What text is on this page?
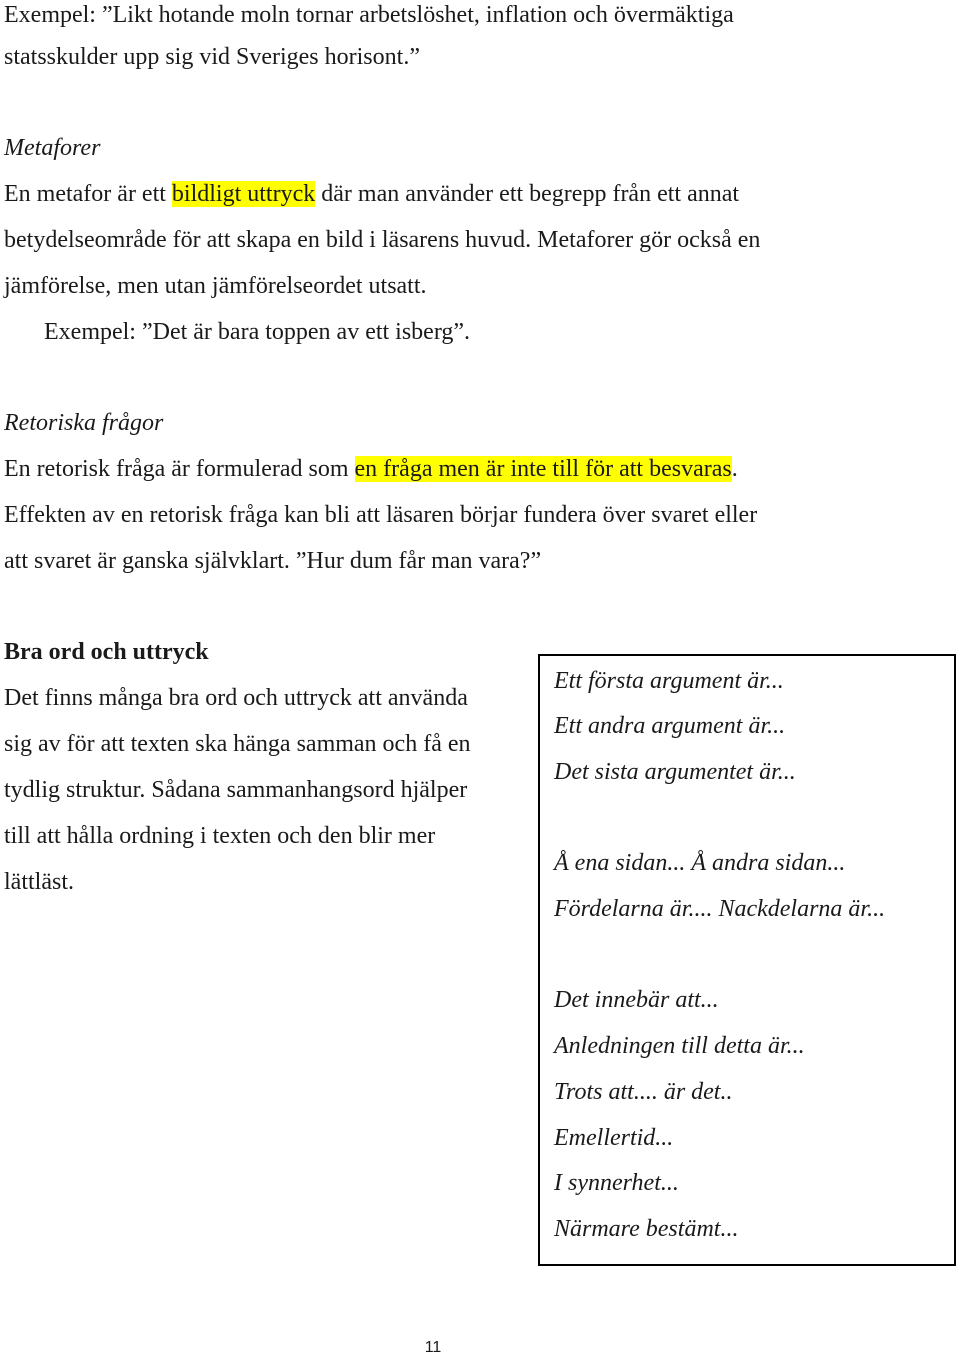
Exempel: ”Likt hotande moln tornar arbetslöshet, inflation och övermäktiga
statsskulder upp sig vid Sveriges horisont.”
Metaforer
En metafor är ett bildligt uttryck där man använder ett begrepp från ett annat
betydelseområde för att skapa en bild i läsarens huvud. Metaforer gör också en
jämförelse, men utan jämförelseordet utsatt.
Exempel: ”Det är bara toppen av ett isberg”.
Retoriska frågor
En retorisk fråga är formulerad som en fråga men är inte till för att besvaras.
Effekten av en retorisk fråga kan bli att läsaren börjar fundera över svaret eller
att svaret är ganska självklart. ”Hur dum får man vara?”
Bra ord och uttryck
Det finns många bra ord och uttryck att använda
sig av för att texten ska hänga samman och få en
tydlig struktur. Sådana sammanhangsord hjälper
till att hålla ordning i texten och den blir mer
lättläst.
Ett första argument är...
Ett andra argument är...
Det sista argumentet är...
Å ena sidan... Å andra sidan...
Fördelarna är.... Nackdelarna är...
Det innebär att...
Anledningen till detta är...
Trots att.... är det..
Emellertid...
I synnerhet...
Närmare bestämt...
11
